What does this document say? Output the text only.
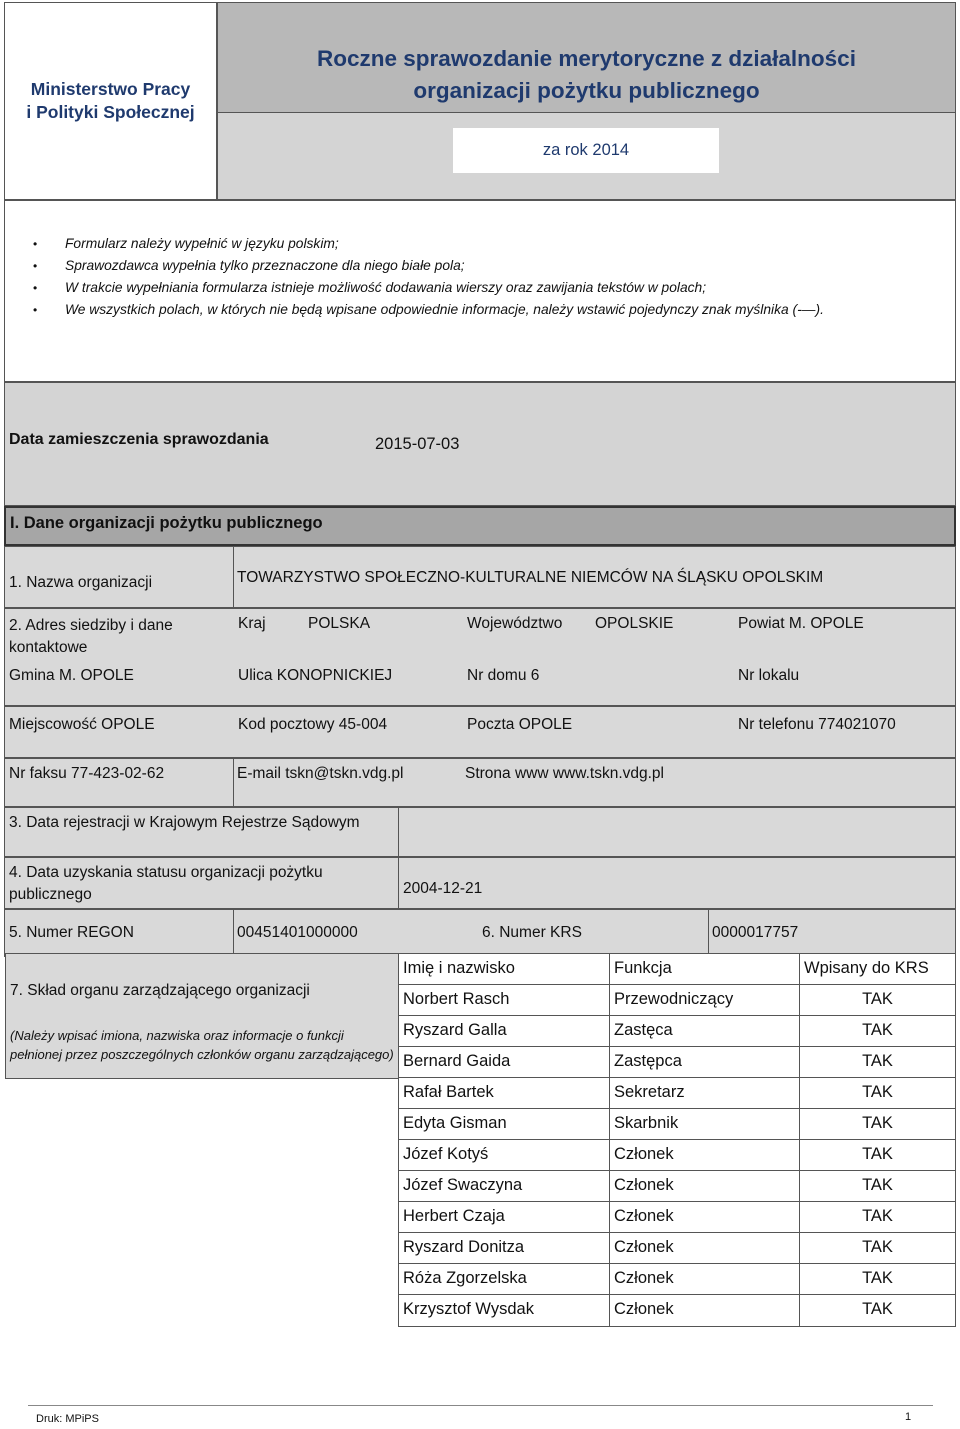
Ministerstwo Pracy
i Polityki Społecznej
Roczne sprawozdanie merytoryczne z działalności
organizacji pożytku publicznego
za rok 2014
• Formularz należy wypełnić w języku polskim;
• Sprawozdawca wypełnia tylko przeznaczone dla niego białe pola;
• W trakcie wypełniania formularza istnieje możliwość dodawania wierszy oraz zawijania tekstów w polach;
• We wszystkich polach, w których nie będą wpisane odpowiednie informacje, należy wstawić pojedynczy znak myślnika (-—).
Data zamieszczenia sprawozdania	2015-07-03
I. Dane organizacji pożytku publicznego
1. Nazwa organizacji	TOWARZYSTWO SPOŁECZNO-KULTURALNE NIEMCÓW NA ŚLĄSKU OPOLSKIM
2. Adres siedziby i dane
kontaktowe
Kraj	POLSKA	Województwo OPOLSKIE	Powiat M. OPOLE
Gmina M. OPOLE	Ulica KONOPNICKIEJ	Nr domu 6	Nr lokalu
Miejscowość OPOLE	Kod pocztowy 45-004	Poczta OPOLE	Nr telefonu 774021070
Nr faksu 77-423-02-62	E-mail tskn@tskn.vdg.pl	Strona www www.tskn.vdg.pl
3. Data rejestracji w Krajowym Rejestrze Sądowym
4. Data uzyskania statusu organizacji pożytku
publicznego	2004-12-21
5. Numer REGON	00451401000000	6. Numer KRS	0000017757
7. Skład organu zarządzającego organizacji
(Należy wpisać imiona, nazwiska oraz informacje o funkcji
pełnionej przez poszczególnych członków organu zarządzającego)
Imię i nazwisko	Funkcja	Wpisany do KRS
Norbert Rasch	Przewodniczący	TAK
Ryszard Galla	Zastęca	TAK
Bernard Gaida	Zastępca	TAK
Rafał Bartek	Sekretarz	TAK
Edyta Gisman	Skarbnik	TAK
Józef Kotyś	Członek	TAK
Józef Swaczyna	Członek	TAK
Herbert Czaja	Członek	TAK
Ryszard Donitza	Członek	TAK
Róża Zgorzelska	Członek	TAK
Krzysztof Wysdak	Członek	TAK
Druk: MPiPS	1
